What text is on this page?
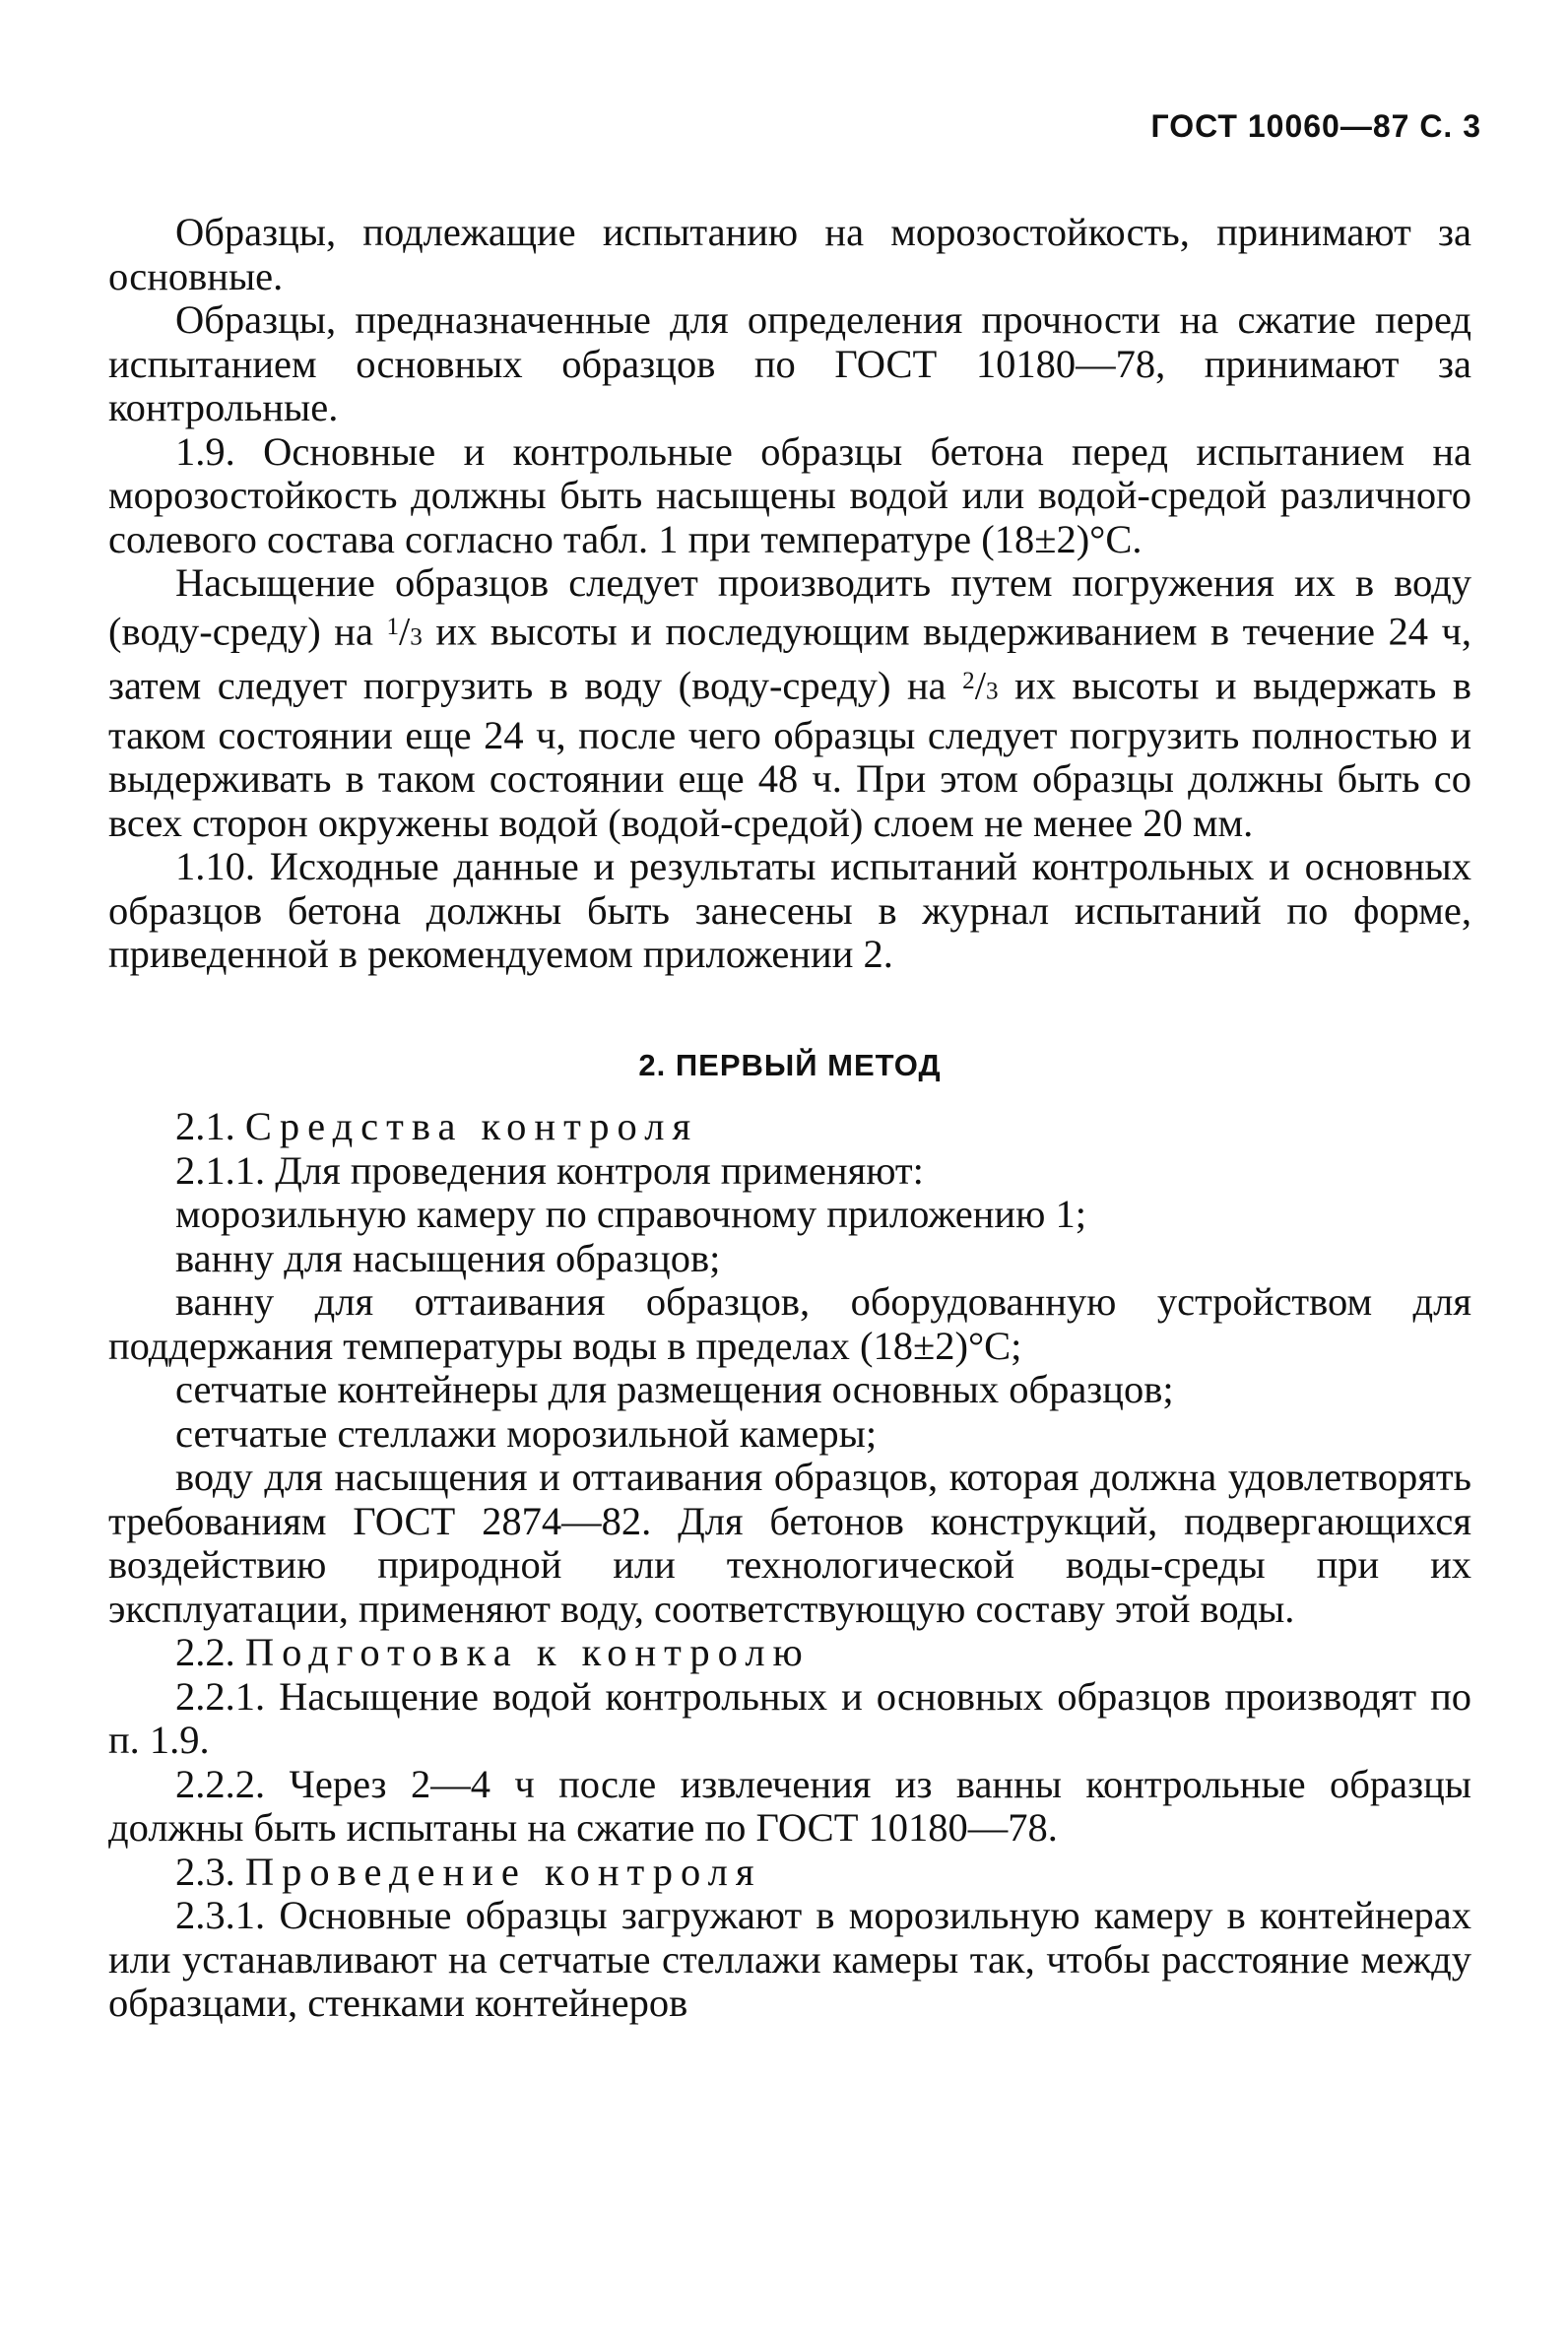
ГОСТ 10060—87 С. 3

Образцы, подлежащие испытанию на морозостойкость, принимают за основные.

Образцы, предназначенные для определения прочности на сжатие перед испытанием основных образцов по ГОСТ 10180—78, принимают за контрольные.

1.9. Основные и контрольные образцы бетона перед испытанием на морозостойкость должны быть насыщены водой или водой-средой различного солевого состава согласно табл. 1 при температуре (18±2)°С.

Насыщение образцов следует производить путем погружения их в воду (воду-среду) на $^1$/3 их высоты и последующим выдерживанием в течение 24 ч, затем следует погрузить в воду (воду-среду) на $^2$/3 их высоты и выдержать в таком состоянии еще 24 ч, после чего образцы следует погрузить полностью и выдерживать в таком состоянии еще 48 ч. При этом образцы должны быть со всех сторон окружены водой (водой-средой) слоем не менее 20 мм.

1.10. Исходные данные и результаты испытаний контрольных и основных образцов бетона должны быть занесены в журнал испытаний по форме, приведенной в рекомендуемом приложении 2.

2. ПЕРВЫЙ МЕТОД

2.1. Средства контроля

2.1.1. Для проведения контроля применяют:

морозильную камеру по справочному приложению 1;

ванну для насыщения образцов;

ванну для оттаивания образцов, оборудованную устройством для поддержания температуры воды в пределах (18±2)°С;

сетчатые контейнеры для размещения основных образцов;

сетчатые стеллажи морозильной камеры;

воду для насыщения и оттаивания образцов, которая должна удовлетворять требованиям ГОСТ 2874—82. Для бетонов конструкций, подвергающихся воздействию природной или технологической воды-среды при их эксплуатации, применяют воду, соответствующую составу этой воды.

2.2. Подготовка к контролю

2.2.1. Насыщение водой контрольных и основных образцов производят по п. 1.9.

2.2.2. Через 2—4 ч после извлечения из ванны контрольные образцы должны быть испытаны на сжатие по ГОСТ 10180—78.

2.3. Проведение контроля

2.3.1. Основные образцы загружают в морозильную камеру в контейнерах или устанавливают на сетчатые стеллажи камеры так, чтобы расстояние между образцами, стенками контейнеров
